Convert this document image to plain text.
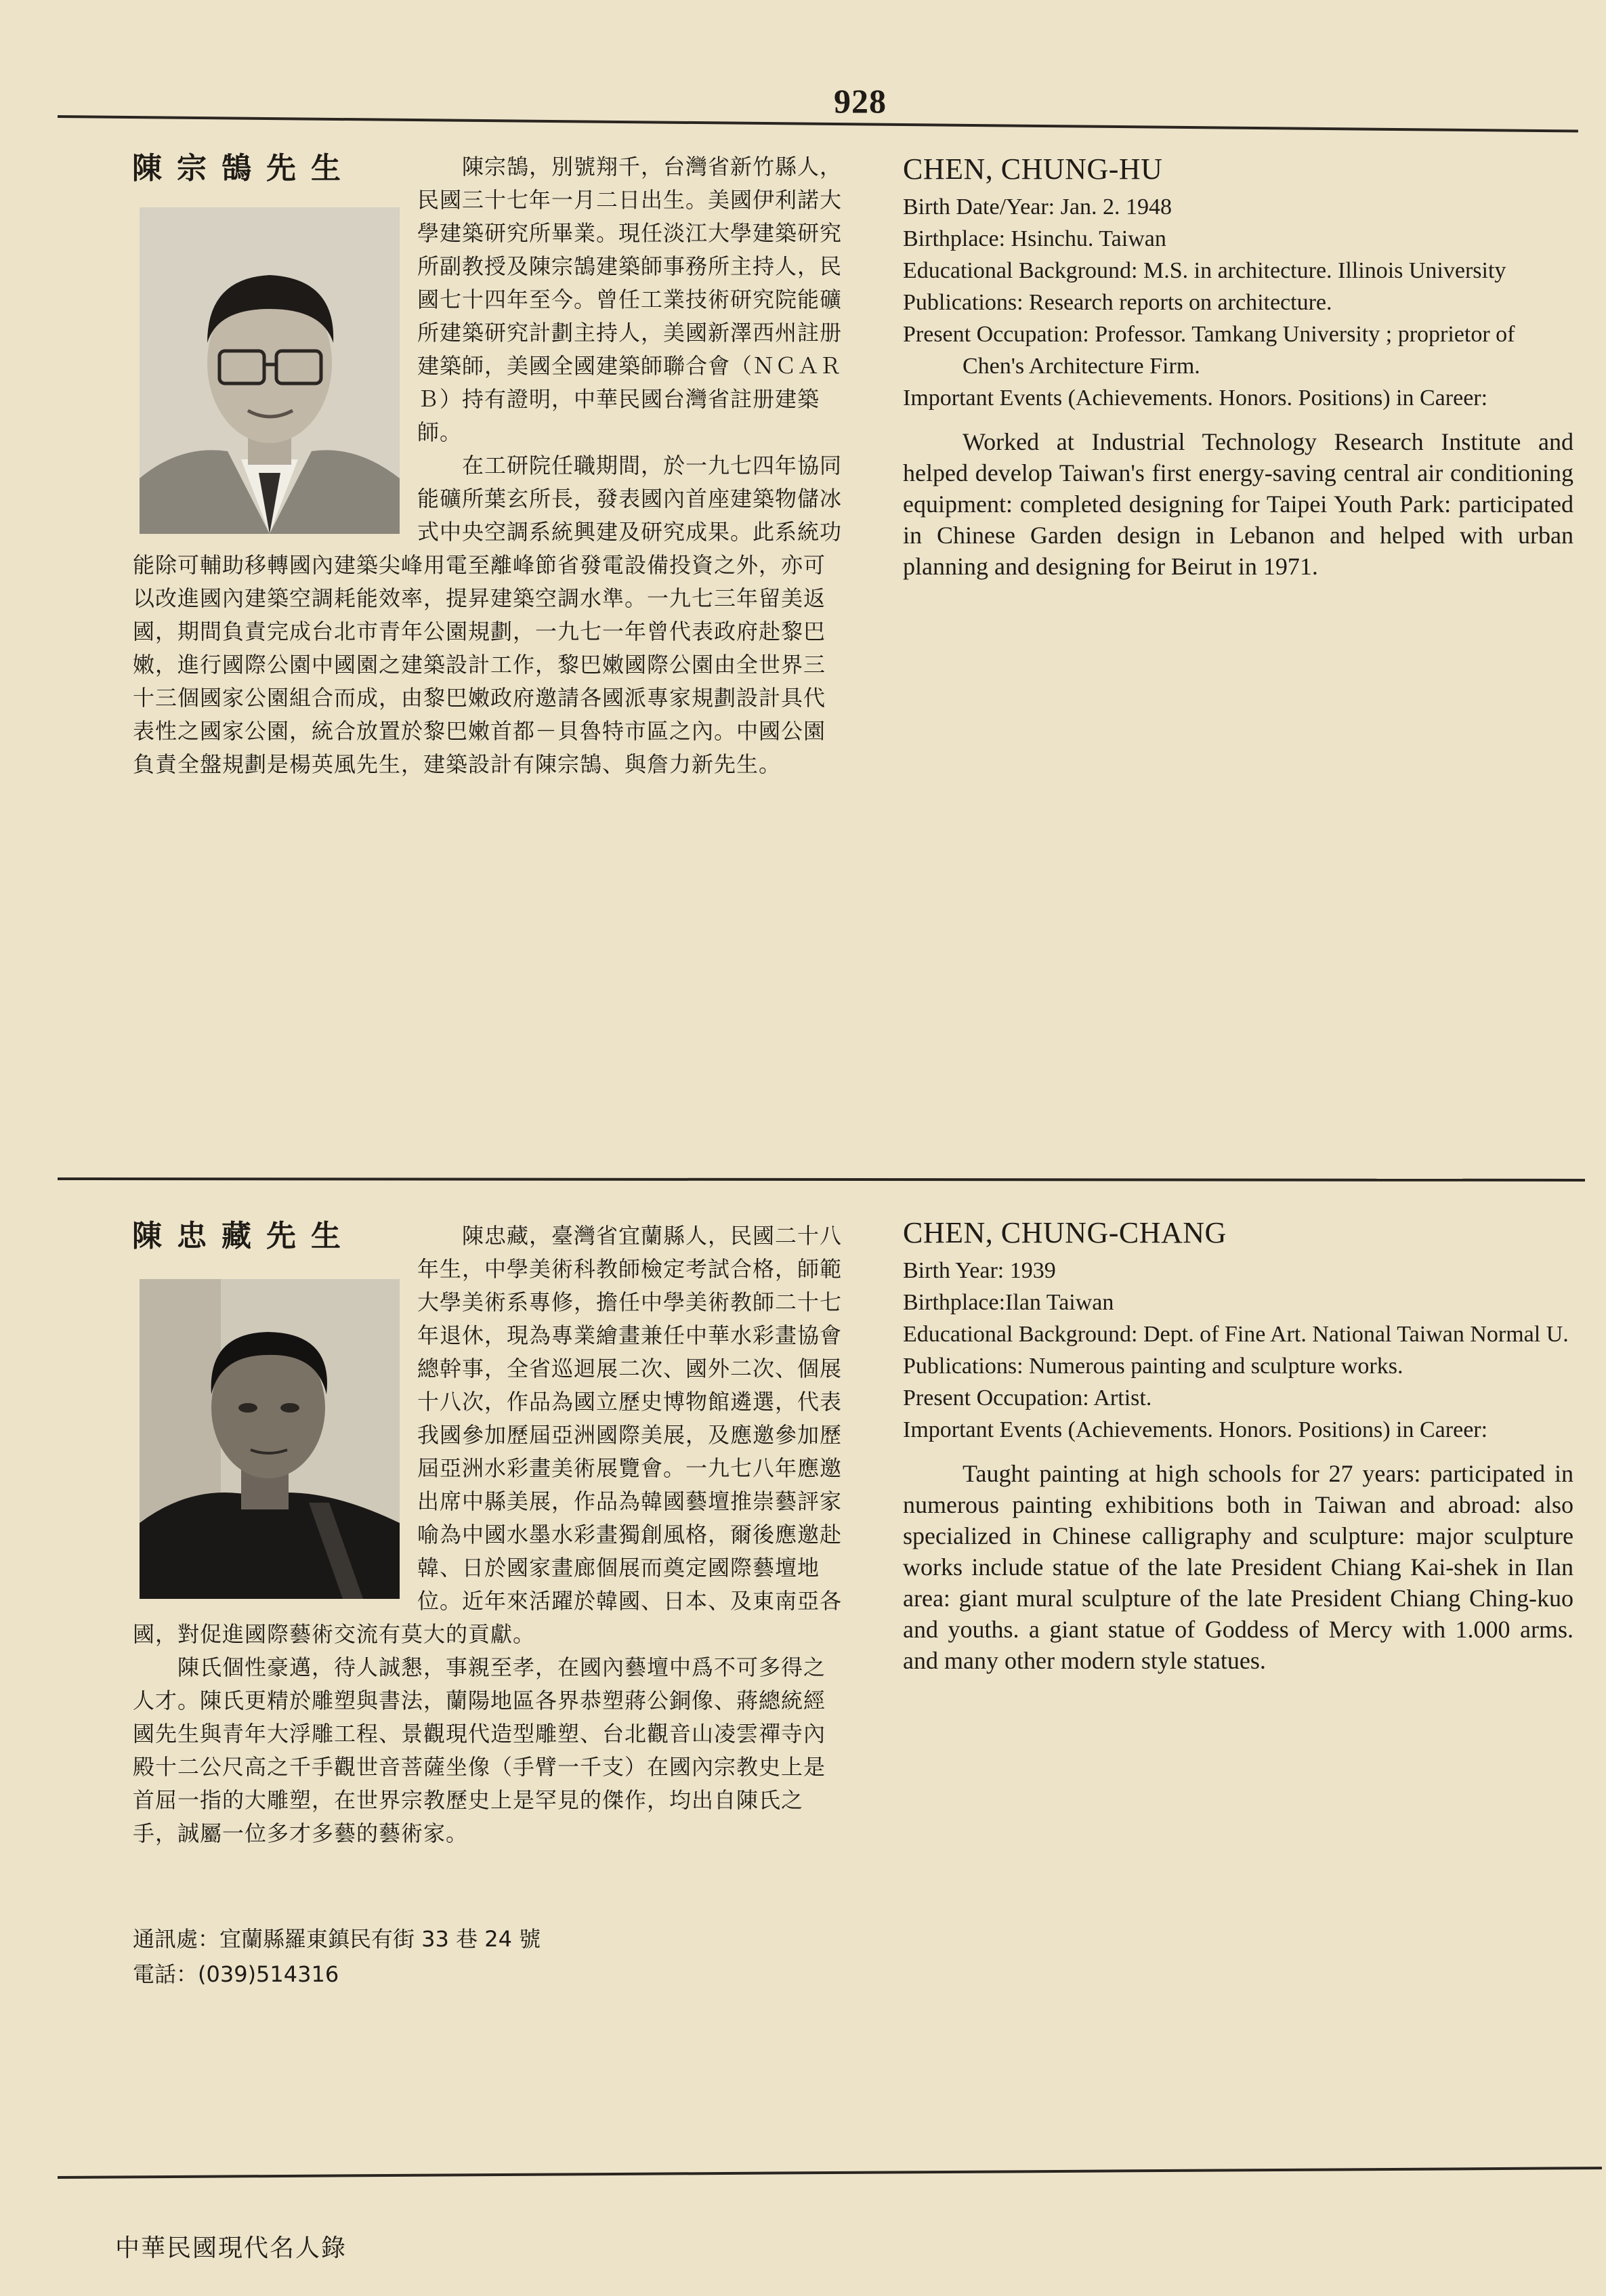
928
陳宗鵠先生	　　陳宗鵠，別號翔千，台灣省新竹縣人，民國三十七年一月二日出生。美國伊利諾大學建築研究所畢業。現任淡江大學建築研究所副教授及陳宗鵠建築師事務所主持人，民國七十四年至今。曾任工業技術研究院能礦所建築研究計劃主持人，美國新澤西州註册建築師，美國全國建築師聯合會（ＮＣＡＲＢ）持有證明，中華民國台灣省註册建築師。

　　在工研院任職期間，於一九七四年協同能礦所葉玄所長，發表國內首座建築物儲冰式中央空調系統興建及研究成果。此系統功能除可輔助移轉國內建築尖峰用電至離峰節省發電設備投資之外，亦可以改進國內建築空調耗能效率，提昇建築空調水準。一九七三年留美返國，期間負責完成台北市青年公園規劃，一九七一年曾代表政府赴黎巴嫩，進行國際公園中國園之建築設計工作，黎巴嫩國際公園由全世界三十三個國家公園組合而成，由黎巴嫩政府邀請各國派專家規劃設計具代表性之國家公園，統合放置於黎巴嫩首都－貝魯特市區之內。中國公園負責全盤規劃是楊英風先生，建築設計有陳宗鵠、與詹力新先生。

CHEN, CHUNG-HU

Birth Date/Year: Jan. 2. 1948

Birthplace: Hsinchu. Taiwan

Educational Background: M.S. in architecture. Illinois University

Publications: Research reports on architecture.

Present Occupation: Professor. Tamkang University ; proprietor of Chen's Architecture Firm.

Important Events (Achievements. Honors. Positions) in Career:

Worked at Industrial Technology Research Institute and helped develop Taiwan's first energy-saving central air conditioning equipment: completed designing for Taipei Youth Park: participated in Chinese Garden design in Lebanon and helped with urban planning and designing for Beirut in 1971.

陳忠藏先生	　　陳忠藏，臺灣省宜蘭縣人，民國二十八年生，中學美術科教師檢定考試合格，師範大學美術系專修，擔任中學美術教師二十七年退休，現為專業繪畫兼任中華水彩畫協會總幹事，全省巡迴展二次、國外二次、個展十八次，作品為國立歷史博物館遴選，代表我國參加歷屆亞洲國際美展，及應邀參加歷屆亞洲水彩畫美術展覽會。一九七八年應邀出席中縣美展，作品為韓國藝壇推崇藝評家喻為中國水墨水彩畫獨創風格，爾後應邀赴韓、日於國家畫廊個展而奠定國際藝壇地位。近年來活躍於韓國、日本、及東南亞各國，對促進國際藝術交流有莫大的貢獻。

　　陳氏個性豪邁，待人誠懇，事親至孝，在國內藝壇中爲不可多得之人才。陳氏更精於雕塑與書法，蘭陽地區各界恭塑蔣公銅像、蔣總統經國先生與青年大浮雕工程、景觀現代造型雕塑、台北觀音山凌雲禪寺內殿十二公尺高之千手觀世音菩薩坐像（手臂一千支）在國內宗教史上是首屈一指的大雕塑，在世界宗教歷史上是罕見的傑作，均出自陳氏之手，誠屬一位多才多藝的藝術家。

通訊處：宜蘭縣羅東鎮民有街 33 巷 24 號
電話：(039)514316
CHEN, CHUNG-CHANG

Birth Year: 1939

Birthplace:Ilan Taiwan

Educational Background: Dept. of Fine Art. National Taiwan Normal U.

Publications: Numerous painting and sculpture works.

Present Occupation: Artist.

Important Events (Achievements. Honors. Positions) in Career:

Taught painting at high schools for 27 years: participated in numerous painting exhibitions both in Taiwan and abroad: also specialized in Chinese calligraphy and sculpture: major sculpture works include statue of the late President Chiang Kai-shek in Ilan area: giant mural sculpture of the late President Chiang Ching-kuo and youths. a giant statue of Goddess of Mercy with 1.000 arms. and many other modern style statues.

中華民國現代名人錄
